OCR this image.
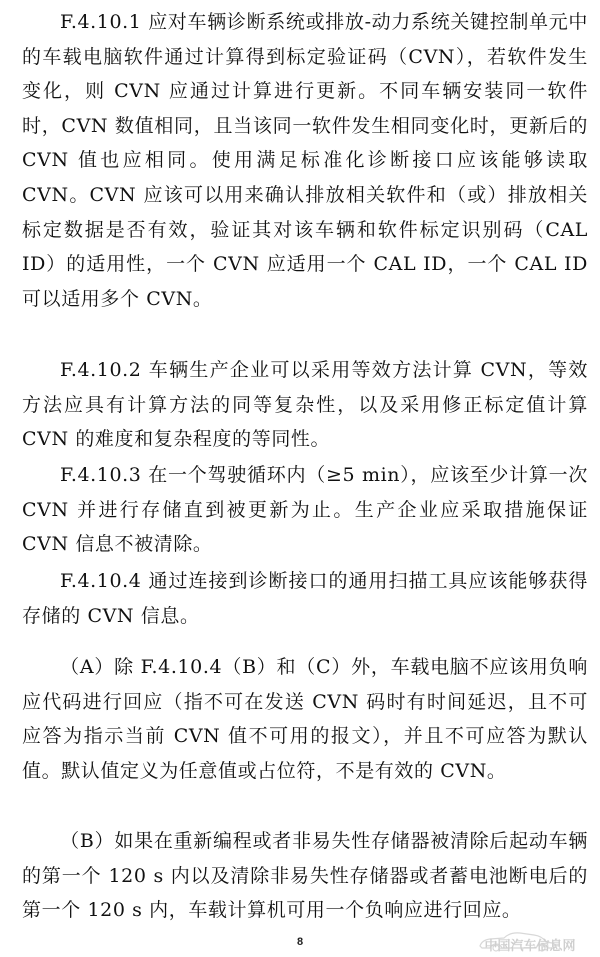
F.4.10.1 应对车辆诊断系统或排放-动力系统关键控制单元中的车载电脑软件通过计算得到标定验证码（CVN），若软件发生变化，则 CVN 应通过计算进行更新。不同车辆安装同一软件时，CVN 数值相同，且当该同一软件发生相同变化时，更新后的 CVN 值也应相同。使用满足标准化诊断接口应该能够读取 CVN。CVN 应该可以用来确认排放相关软件和（或）排放相关标定数据是否有效，验证其对该车辆和软件标定识别码（CAL ID）的适用性，一个 CVN 应适用一个 CAL ID，一个 CAL ID 可以适用多个 CVN。

F.4.10.2 车辆生产企业可以采用等效方法计算 CVN，等效方法应具有计算方法的同等复杂性，以及采用修正标定值计算 CVN 的难度和复杂程度的等同性。

F.4.10.3 在一个驾驶循环内（≥5 min），应该至少计算一次 CVN 并进行存储直到被更新为止。生产企业应采取措施保证 CVN 信息不被清除。

F.4.10.4 通过连接到诊断接口的通用扫描工具应该能够获得存储的 CVN 信息。

（A）除 F.4.10.4（B）和（C）外，车载电脑不应该用负响应代码进行回应（指不可在发送 CVN 码时有时间延迟，且不可应答为指示当前 CVN 值不可用的报文），并且不可应答为默认值。默认值定义为任意值或占位符，不是有效的 CVN。

（B）如果在重新编程或者非易失性存储器被清除后起动车辆的第一个 120 s 内以及清除非易失性存储器或者蓄电池断电后的第一个 120 s 内，车载计算机可用一个负响应进行回应。

8	中国汽车信息网
